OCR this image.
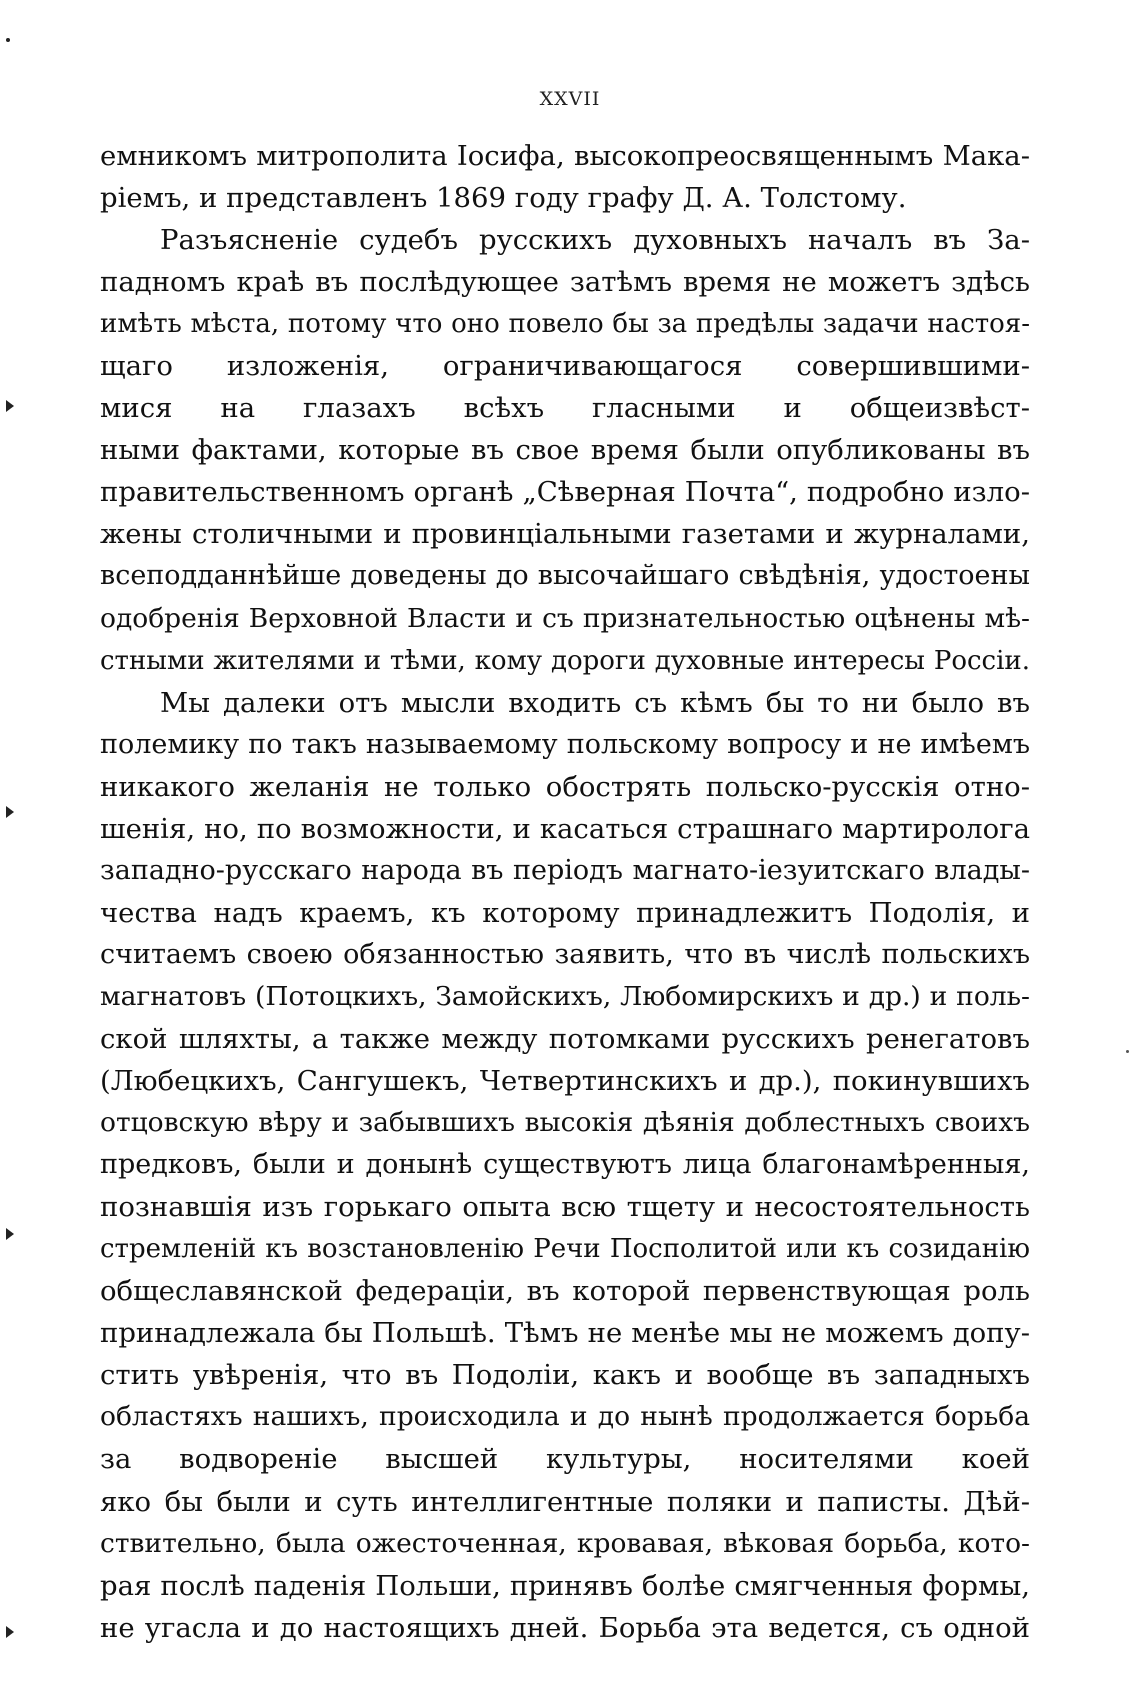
XXVII
емникомъ митрополита Іосифа, высокопреосвященнымъ Мака-
ріемъ, и представленъ 1869 году графу Д. А. Толстому.
Разъясненіе судебъ русскихъ духовныхъ началъ въ За-
падномъ краѣ въ послѣдующее затѣмъ время не можетъ здѣсь
имѣть мѣста, потому что оно повело бы за предѣлы задачи настоя-
щаго изложенія, ограничивающагося совершившими-
мися на глазахъ всѣхъ гласными и общеизвѣст-
ными фактами, которые въ свое время были опубликованы въ
правительственномъ органѣ „Сѣверная Почта“, подробно изло-
жены столичными и провинціальными газетами и журналами,
всеподданнѣйше доведены до высочайшаго свѣдѣнія, удостоены
одобренія Верховной Власти и съ признательностью оцѣнены мѣ-
стными жителями и тѣми, кому дороги духовные интересы Россіи.
Мы далеки отъ мысли входить съ кѣмъ бы то ни было въ
полемику по такъ называемому польскому вопросу и не имѣемъ
никакого желанія не только обострять польско-русскія отно-
шенія, но, по возможности, и касаться страшнаго мартиролога
западно-русскаго народа въ періодъ магнато-іезуитскаго влады-
чества надъ краемъ, къ которому принадлежитъ Подолія, и
считаемъ своею обязанностью заявить, что въ числѣ польскихъ
магнатовъ (Потоцкихъ, Замойскихъ, Любомирскихъ и др.) и поль-
ской шляхты, а также между потомками русскихъ ренегатовъ
(Любецкихъ, Сангушекъ, Четвертинскихъ и др.), покинувшихъ
отцовскую вѣру и забывшихъ высокія дѣянія доблестныхъ своихъ
предковъ, были и донынѣ существуютъ лица благонамѣренныя,
познавшія изъ горькаго опыта всю тщету и несостоятельность
стремленій къ возстановленію Речи Посполитой или къ созиданію
общеславянской федераціи, въ которой первенствующая роль
принадлежала бы Польшѣ. Тѣмъ не менѣе мы не можемъ допу-
стить увѣренія, что въ Подоліи, какъ и вообще въ западныхъ
областяхъ нашихъ, происходила и до нынѣ продолжается борьба
за водвореніе высшей культуры, носителями коей
яко бы были и суть интеллигентные поляки и паписты. Дѣй-
ствительно, была ожесточенная, кровавая, вѣковая борьба, кото-
рая послѣ паденія Польши, принявъ болѣе смягченныя формы,
не угасла и до настоящихъ дней. Борьба эта ведется, съ одной
